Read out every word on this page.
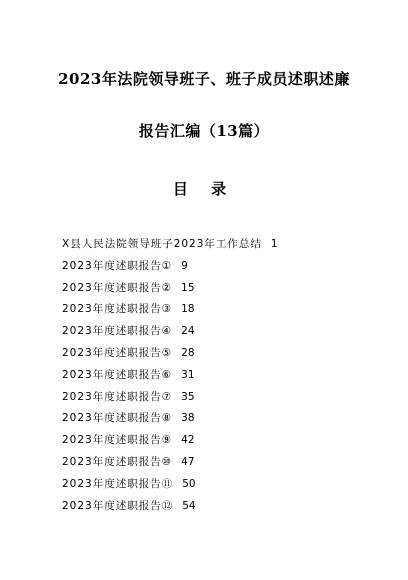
2023年法院领导班子、班子成员述职述廉
报告汇编（13篇）
目 录
X县人民法院领导班子2023年工作总结 1
2023年度述职报告① 9
2023年度述职报告② 15
2023年度述职报告③ 18
2023年度述职报告④ 24
2023年度述职报告⑤ 28
2023年度述职报告⑥ 31
2023年度述职报告⑦ 35
2023年度述职报告⑧ 38
2023年度述职报告⑨ 42
2023年度述职报告⑩ 47
2023年度述职报告⑪ 50
2023年度述职报告⑫ 54
